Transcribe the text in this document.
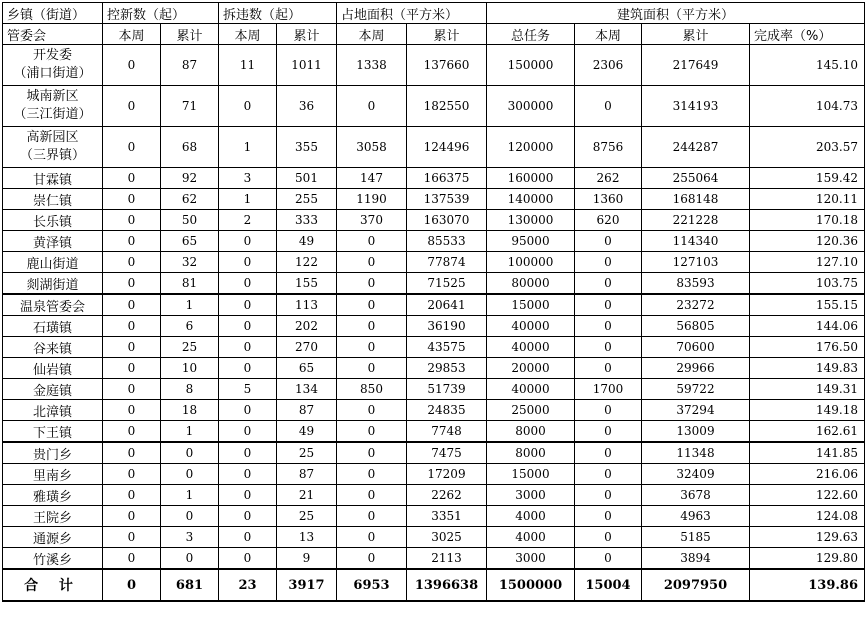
乡镇（街道）	控新数（起）		拆违数（起）		占地面积（平方米）		建筑面积（平方米）			
管委会	本周	累计	本周	累计	本周	累计	总任务	本周	累计	完成率（%）
开发委
（浦口街道）	0	87	11	1011	1338	137660	150000	2306	217649	145.10
城南新区
（三江街道）	0	71	0	36	0	182550	300000	0	314193	104.73
高新园区
（三界镇）	0	68	1	355	3058	124496	120000	8756	244287	203.57
甘霖镇	0	92	3	501	147	166375	160000	262	255064	159.42
崇仁镇	0	62	1	255	1190	137539	140000	1360	168148	120.11
长乐镇	0	50	2	333	370	163070	130000	620	221228	170.18
黄泽镇	0	65	0	49	0	85533	95000	0	114340	120.36
鹿山街道	0	32	0	122	0	77874	100000	0	127103	127.10
剡湖街道	0	81	0	155	0	71525	80000	0	83593	103.75
温泉管委会	0	1	0	113	0	20641	15000	0	23272	155.15
石璜镇	0	6	0	202	0	36190	40000	0	56805	144.06
谷来镇	0	25	0	270	0	43575	40000	0	70600	176.50
仙岩镇	0	10	0	65	0	29853	20000	0	29966	149.83
金庭镇	0	8	5	134	850	51739	40000	1700	59722	149.31
北漳镇	0	18	0	87	0	24835	25000	0	37294	149.18
下王镇	0	1	0	49	0	7748	8000	0	13009	162.61
贵门乡	0	0	0	25	0	7475	8000	0	11348	141.85
里南乡	0	0	0	87	0	17209	15000	0	32409	216.06
雅璜乡	0	1	0	21	0	2262	3000	0	3678	122.60
王院乡	0	0	0	25	0	3351	4000	0	4963	124.08
通源乡	0	3	0	13	0	3025	4000	0	5185	129.63
竹溪乡	0	0	0	9	0	2113	3000	0	3894	129.80
合 计	0	681	23	3917	6953	1396638	1500000	15004	2097950	139.86
